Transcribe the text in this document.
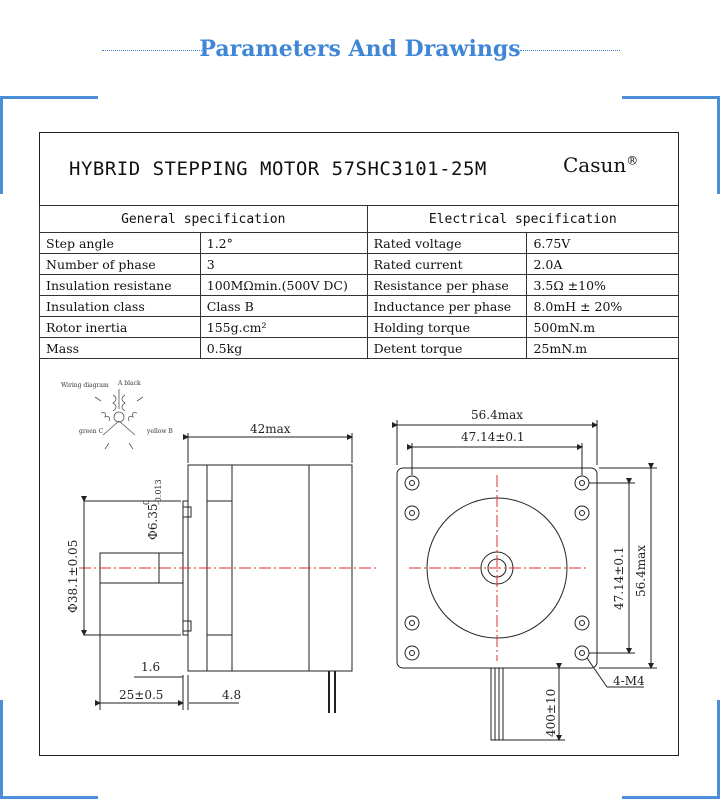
Parameters And Drawings
HYBRID STEPPING MOTOR 57SHC3101-25M	Casun®
General specification		Electrical specification	
Step angle	1.2°	Rated voltage	6.75V
Number of phase	3	Rated current	2.0A
Insulation resistane	100MΩmin.(500V DC)	Resistance per phase	3.5Ω ±10%
Insulation class	Class B	Inductance per phase	8.0mH ± 20%
Rotor inertia	155g.cm²	Holding torque	500mN.m
Mass	0.5kg	Detent torque	25mN.m
Wiring diagram A black
green C	yellow B	42max
Φ6.35
0 -0.013
Φ38.1±0.05
1.6
25±0.5	4.8
56.4max
47.14±0.1
47.14±0.1 56.4max
4-M4
400±10
